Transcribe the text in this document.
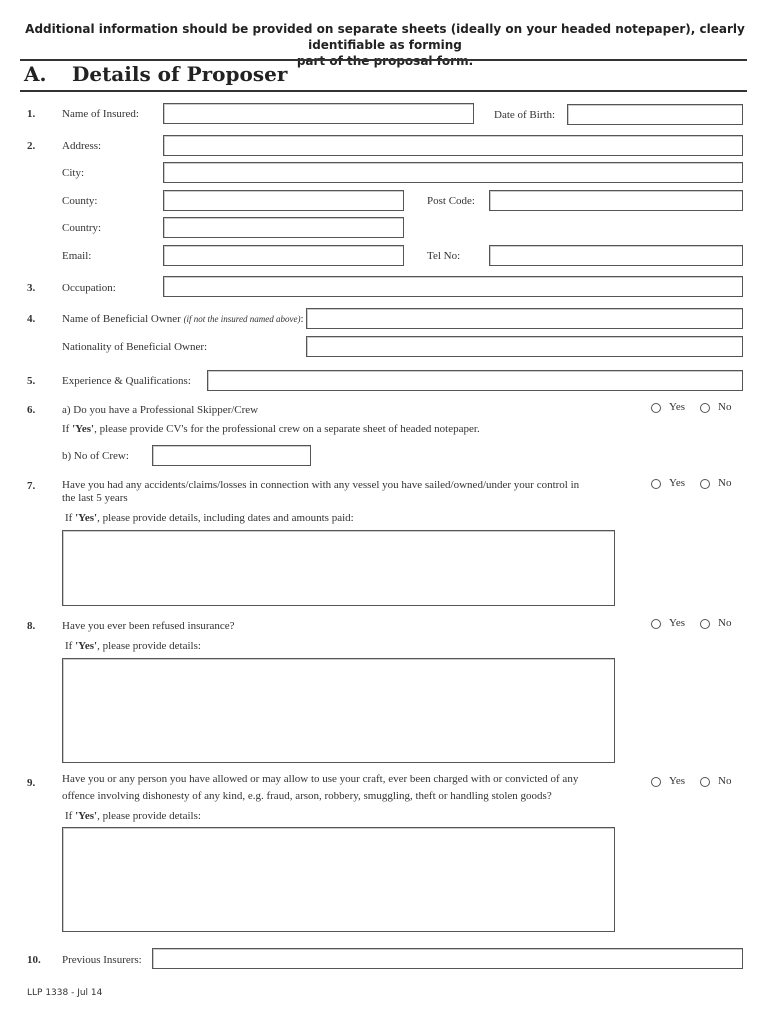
Additional information should be provided on separate sheets (ideally on your headed notepaper), clearly identifiable as forming
part of the proposal form.
A. Details of Proposer
1. Name of Insured:	Date of Birth:
2. Address:
City:
County:	Post Code:
Country:
Email:	Tel No:
3. Occupation:
4. Name of Beneficial Owner (if not the insured named above):
Nationality of Beneficial Owner:
5. Experience & Qualifications:
6. a) Do you have a Professional Skipper/Crew	Yes	No
If 'Yes', please provide CV's for the professional crew on a separate sheet of headed notepaper.
b) No of Crew:
7. Have you had any accidents/claims/losses in connection with any vessel you have sailed/owned/under your control in
the last 5 years
Yes	No
If 'Yes', please provide details, including dates and amounts paid:
8. Have you ever been refused insurance?	Yes	No
If 'Yes', please provide details:
9. Have you or any person you have allowed or may allow to use your craft, ever been charged with or convicted of any
offence involving dishonesty of any kind, e.g. fraud, arson, robbery, smuggling, theft or handling stolen goods?
Yes	No
If 'Yes', please provide details:
10. Previous Insurers:
LLP 1338 - Jul 14
